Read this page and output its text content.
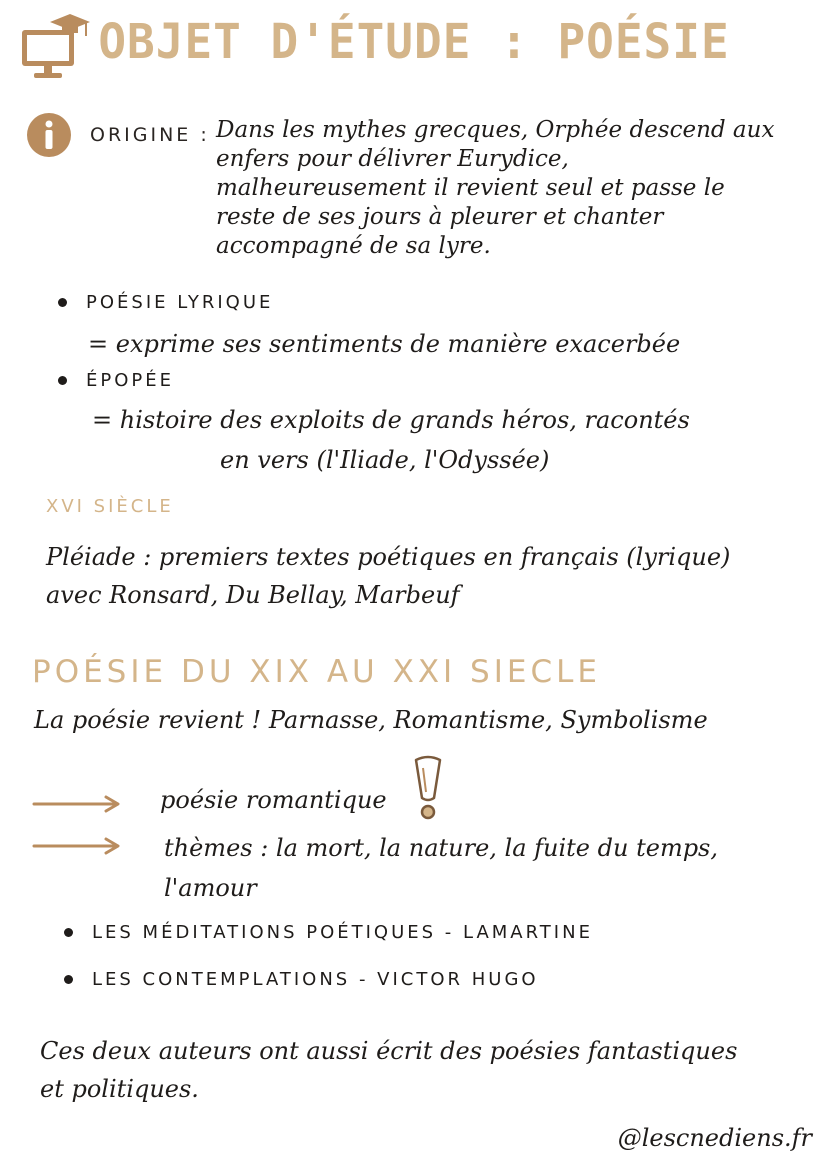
OBJET D'ÉTUDE : POÉSIE
ORIGINE : Dans les mythes grecques, Orphée descend aux
enfers pour délivrer Eurydice,
malheureusement il revient seul et passe le
reste de ses jours à pleurer et chanter
accompagné de sa lyre.
POÉSIE LYRIQUE
= exprime ses sentiments de manière exacerbée
ÉPOPÉE
= histoire des exploits de grands héros, racontés
en vers (l'Iliade, l'Odyssée)
XVI SIÈCLE
Pléiade : premiers textes poétiques en français (lyrique)
avec Ronsard, Du Bellay, Marbeuf
POÉSIE DU XIX AU XXI SIECLE
La poésie revient ! Parnasse, Romantisme, Symbolisme
poésie romantique
thèmes : la mort, la nature, la fuite du temps,
l'amour
LES MÉDITATIONS POÉTIQUES - LAMARTINE
LES CONTEMPLATIONS - VICTOR HUGO
Ces deux auteurs ont aussi écrit des poésies fantastiques
et politiques.
@lescnediens.fr
